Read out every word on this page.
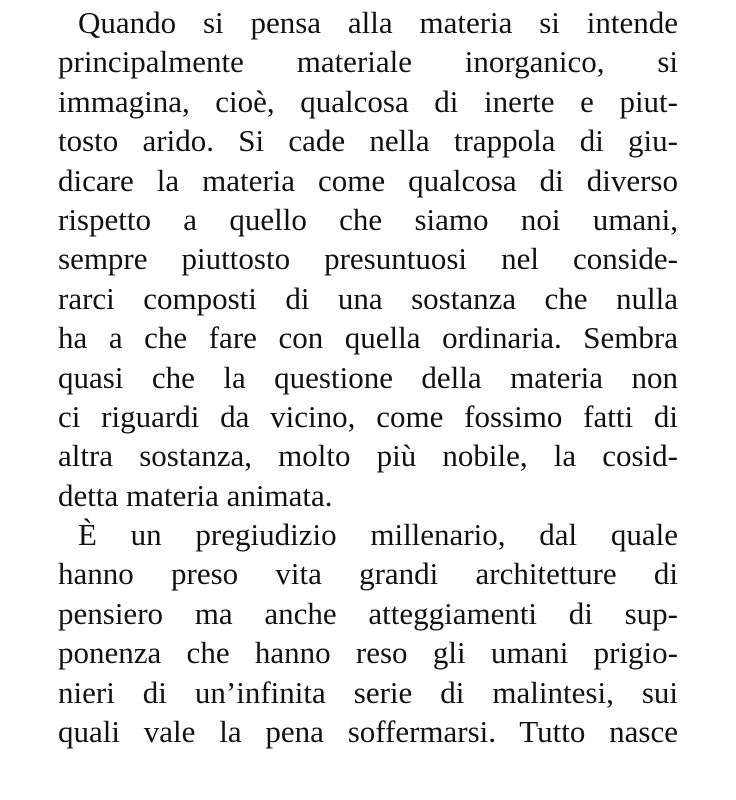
Quando si pensa alla materia si intende
principalmente materiale inorganico, si
immagina, cioè, qualcosa di inerte e piut-
tosto arido. Si cade nella trappola di giu-
dicare la materia come qualcosa di diverso
rispetto a quello che siamo noi umani,
sempre piuttosto presuntuosi nel conside-
rarci composti di una sostanza che nulla
ha a che fare con quella ordinaria. Sembra
quasi che la questione della materia non
ci riguardi da vicino, come fossimo fatti di
altra sostanza, molto più nobile, la cosid-
detta materia animata.
È un pregiudizio millenario, dal quale
hanno preso vita grandi architetture di
pensiero ma anche atteggiamenti di sup-
ponenza che hanno reso gli umani prigio-
nieri di un’infinita serie di malintesi, sui
quali vale la pena soffermarsi. Tutto nasce
